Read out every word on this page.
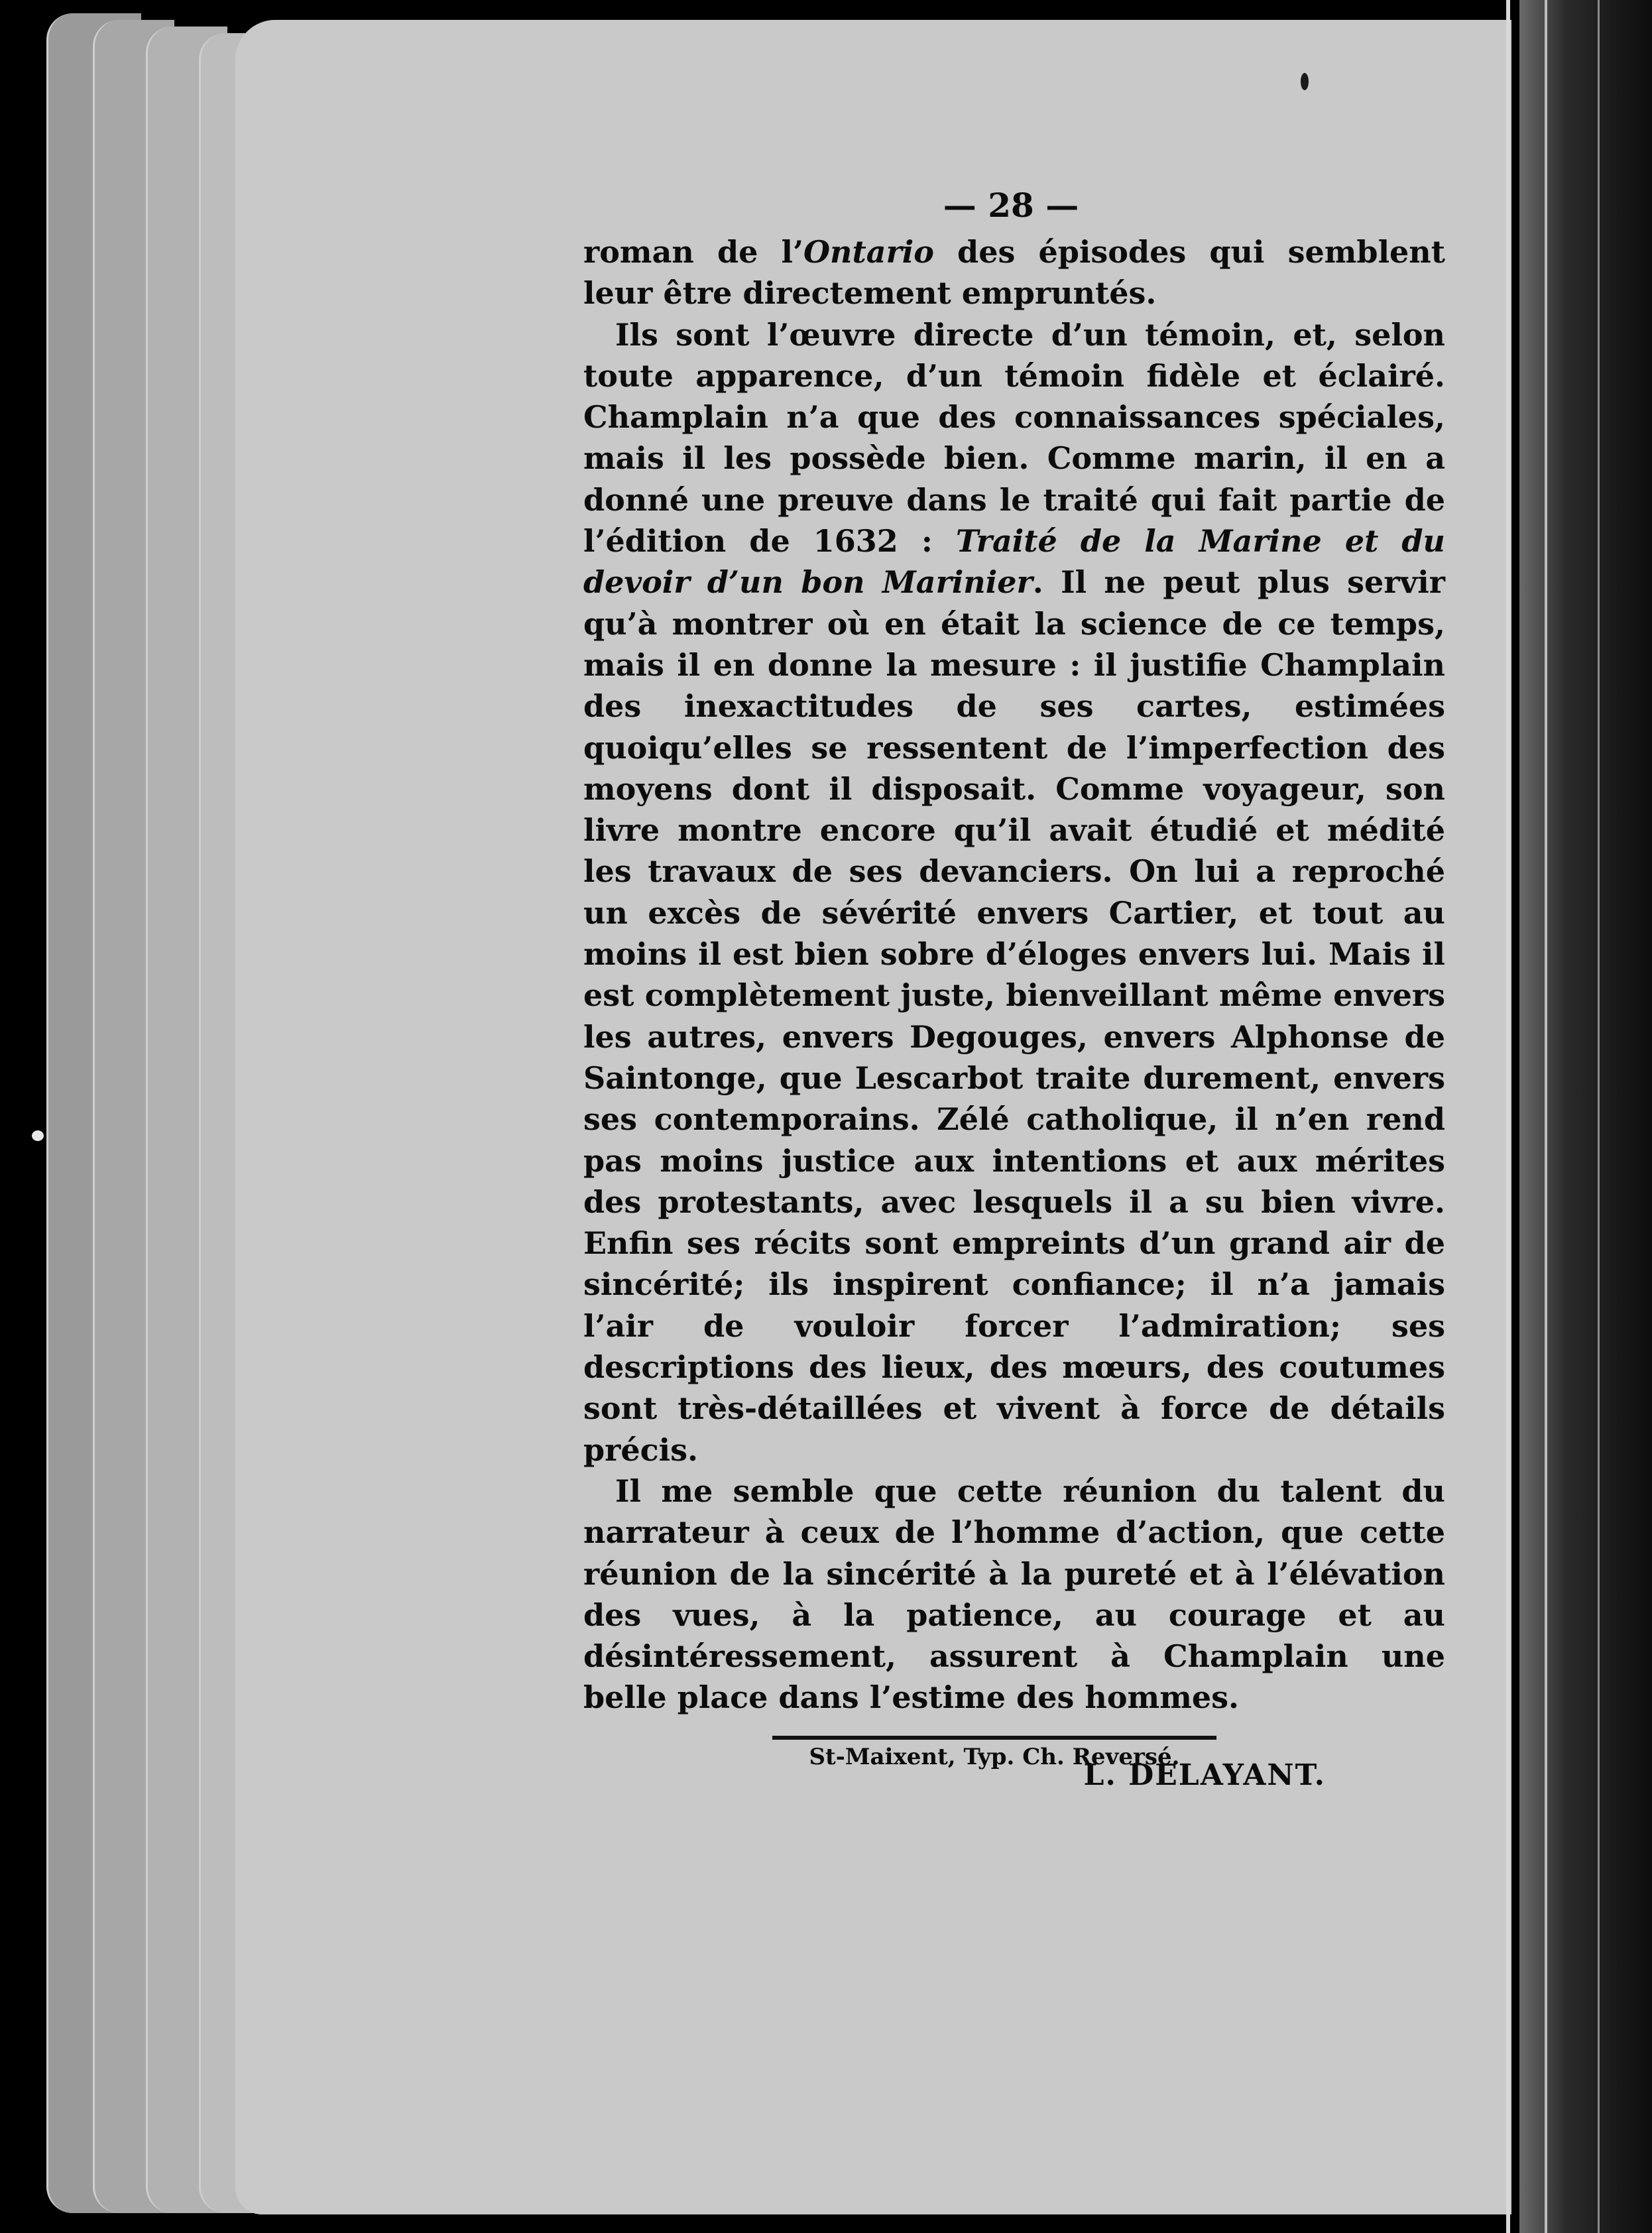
— 28 —

roman de l’Ontario des épisodes qui semblent leur être directement empruntés.

Ils sont l’œuvre directe d’un témoin, et, selon toute apparence, d’un témoin fidèle et éclairé. Champlain n’a que des connaissances spéciales, mais il les possède bien. Comme marin, il en a donné une preuve dans le traité qui fait partie de l’édition de 1632 : Traité de la Marine et du devoir d’un bon Marinier. Il ne peut plus servir qu’à montrer où en était la science de ce temps, mais il en donne la mesure : il justifie Champlain des inexactitudes de ses cartes, estimées quoiqu’elles se ressentent de l’imperfection des moyens dont il disposait. Comme voyageur, son livre montre encore qu’il avait étudié et médité les travaux de ses devanciers. On lui a reproché un excès de sévérité envers Cartier, et tout au moins il est bien sobre d’éloges envers lui. Mais il est complètement juste, bienveillant même envers les autres, envers Degouges, envers Alphonse de Saintonge, que Lescarbot traite durement, envers ses contemporains. Zélé catholique, il n’en rend pas moins justice aux intentions et aux mérites des protestants, avec lesquels il a su bien vivre. Enfin ses récits sont empreints d’un grand air de sincérité; ils inspirent confiance; il n’a jamais l’air de vouloir forcer l’admiration; ses descriptions des lieux, des mœurs, des coutumes sont très-détaillées et vivent à force de détails précis.

Il me semble que cette réunion du talent du narrateur à ceux de l’homme d’action, que cette réunion de la sincérité à la pureté et à l’élévation des vues, à la patience, au courage et au désintéressement, assurent à Champlain une belle place dans l’estime des hommes.

L. DELAYANT.
St-Maixent, Typ. Ch. Reversé.
